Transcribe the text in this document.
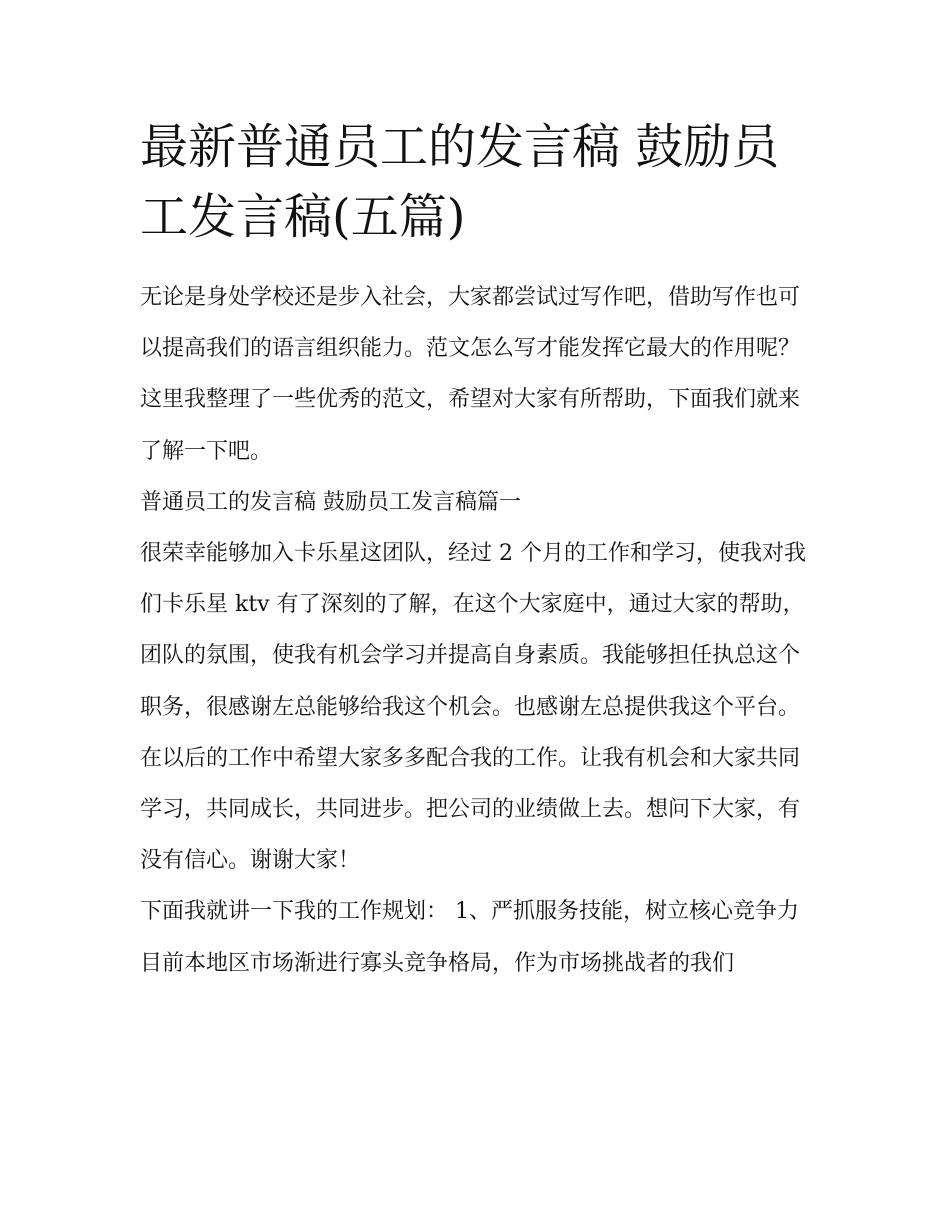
最新普通员工的发言稿 鼓励员工发言稿(五篇)

无论是身处学校还是步入社会，大家都尝试过写作吧，借助写作也可以提高我们的语言组织能力。范文怎么写才能发挥它最大的作用呢？这里我整理了一些优秀的范文，希望对大家有所帮助，下面我们就来了解一下吧。

普通员工的发言稿 鼓励员工发言稿篇一

很荣幸能够加入卡乐星这团队，经过 2 个月的工作和学习，使我对我们卡乐星 ktv 有了深刻的了解，在这个大家庭中，通过大家的帮助，团队的氛围，使我有机会学习并提高自身素质。我能够担任执总这个职务，很感谢左总能够给我这个机会。也感谢左总提供我这个平台。在以后的工作中希望大家多多配合我的工作。让我有机会和大家共同学习，共同成长，共同进步。把公司的业绩做上去。想问下大家，有没有信心。谢谢大家！

下面我就讲一下我的工作规划： 1、严抓服务技能，树立核心竞争力

目前本地区市场渐进行寡头竞争格局，作为市场挑战者的我们
